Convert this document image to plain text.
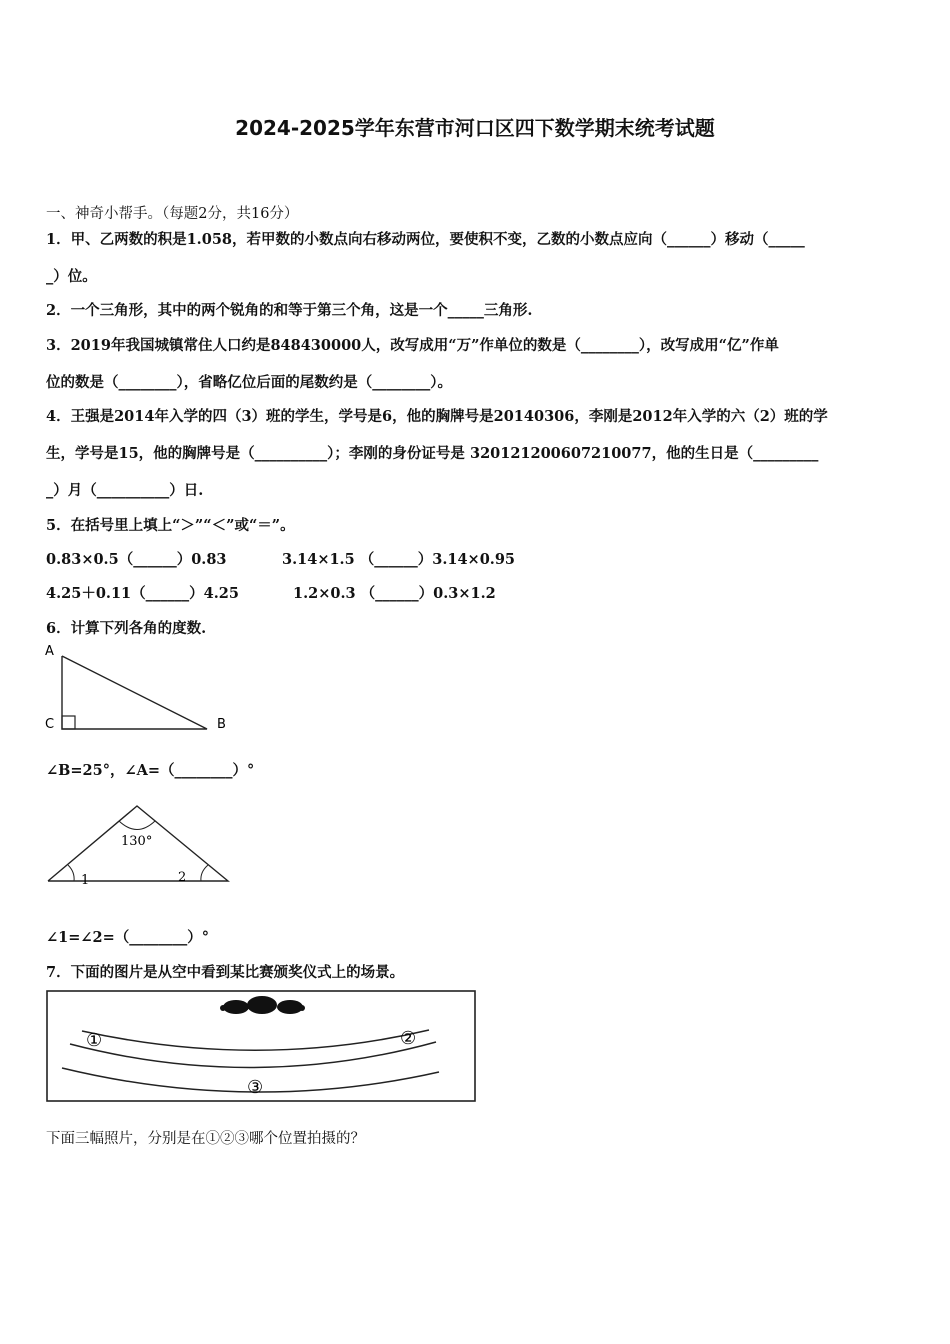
2024-2025学年东营市河口区四下数学期末统考试题
一、神奇小帮手。（每题2分，共16分）
1．甲、乙两数的积是1.058，若甲数的小数点向右移动两位，要使积不变，乙数的小数点应向（______）移动（_____
_）位。
2．一个三角形，其中的两个锐角的和等于第三个角，这是一个_____三角形.
3．2019年我国城镇常住人口约是848430000人，改写成用“万”作单位的数是（________），改写成用“亿”作单
位的数是（________），省略亿位后面的尾数约是（________）。
4．王强是2014年入学的四（3）班的学生，学号是6，他的胸牌号是20140306，李刚是2012年入学的六（2）班的学
生，学号是15，他的胸牌号是（__________）；李刚的身份证号是 320121200607210077，他的生日是（_________
_）月（__________）日.
5．在括号里上填上“＞”“＜”或“＝”。
0.83×0.5（______）0.83	3.14×1.5 （______）3.14×0.95
4.25＋0.11（______）4.25	1.2×0.3 （______）0.3×1.2
6．计算下列各角的度数.
A
C	B
∠B=25°，∠A=（________）°
130°
1	2
∠1=∠2=（________）°
7．下面的图片是从空中看到某比赛颁奖仪式上的场景。
①	②
③
下面三幅照片，分别是在①②③哪个位置拍摄的？
